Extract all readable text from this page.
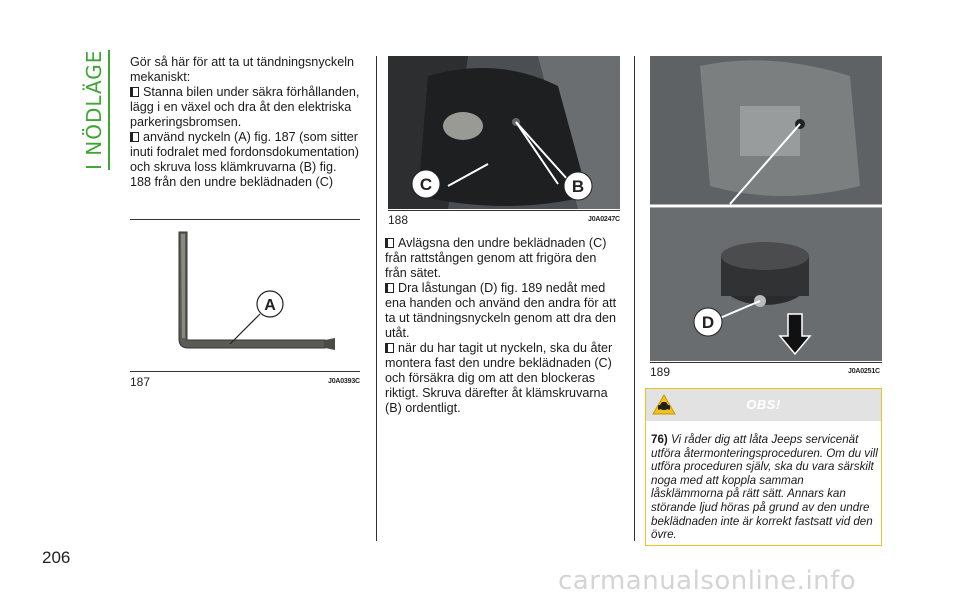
I NÖDLÄGE
206

Gör så här för att ta ut tändningsnyckeln mekaniskt:

Stanna bilen under säkra förhållanden, lägg i en växel och dra åt den elektriska parkeringsbromsen.

använd nyckeln (A) fig. 187 (som sitter inuti fodralet med fordonsdokumentation) och skruva loss klämkruvarna (B) fig. 188 från den undre beklädnaden (C)

A
187	J0A0393C
C	B
188	J0A0247C

Avlägsna den undre beklädnaden (C) från rattstången genom att frigöra den från sätet.

Dra låstungan (D) fig. 189 nedåt med ena handen och använd den andra för att ta ut tändningsnyckeln genom att dra den utåt.

när du har tagit ut nyckeln, ska du åter montera fast den undre beklädnaden (C) och försäkra dig om att den blockeras riktigt. Skruva därefter åt klämskruvarna (B) ordentligt.

D
189	J0A0251C
OBS!
76) Vi råder dig att låta Jeeps servicenät utföra återmonteringsproceduren. Om du vill utföra proceduren själv, ska du vara särskilt noga med att koppla samman låsklämmorna på rätt sätt. Annars kan störande ljud höras på grund av den undre beklädnaden inte är korrekt fastsatt vid den övre.
carmanualsonline.info
